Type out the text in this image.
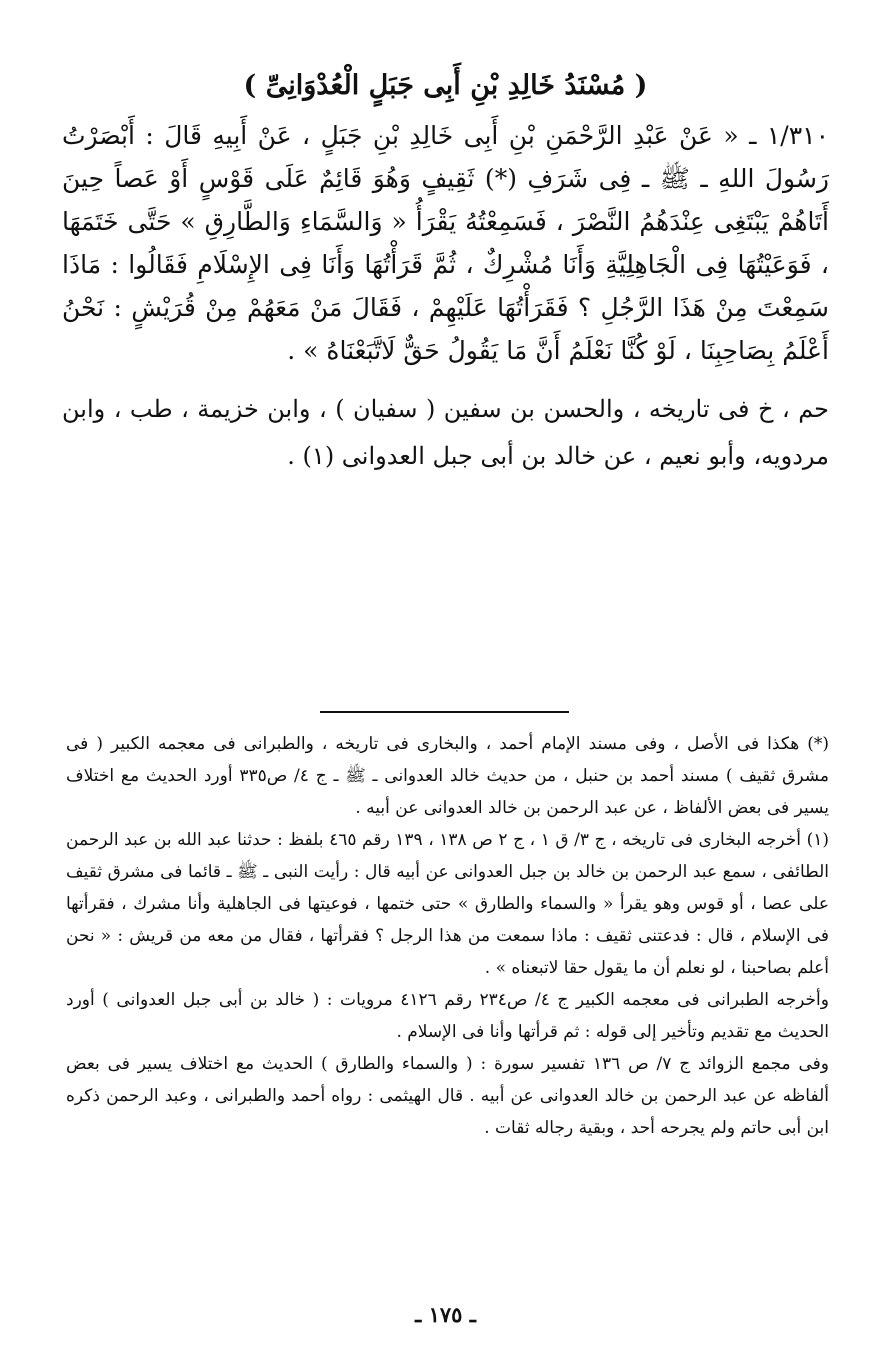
( مُسْنَدُ خَالِدِ بْنِ أَبِى جَبَلٍ الْعُدْوَانِىِّ )

١/٣١٠ ـ « عَنْ عَبْدِ الرَّحْمَنِ بْنِ أَبِى خَالِدِ بْنِ جَبَلٍ ، عَنْ أَبِيهِ قَالَ : أَبْصَرْتُ رَسُولَ اللهِ ـ ﷺ ـ فِى شَرَفِ (*) ثَقِيفٍ وَهُوَ قَائِمٌ عَلَى قَوْسٍ أَوْ عَصاً حِينَ أَتَاهُمْ يَبْتَغِى عِنْدَهُمُ النَّصْرَ ، فَسَمِعْتُهُ يَقْرَأُ « وَالسَّمَاءِ وَالطَّارِقِ » حَتَّى خَتَمَهَا ، فَوَعَيْتُهَا فِى الْجَاهِلِيَّةِ وَأَنَا مُشْرِكٌ ، ثُمَّ قَرَأْتُهَا وَأَنَا فِى الإِسْلَامِ فَقَالُوا : مَاذَا سَمِعْتَ مِنْ هَذَا الرَّجُلِ ؟ فَقَرَأْتُهَا عَلَيْهِمْ ، فَقَالَ مَنْ مَعَهُمْ مِنْ قُرَيْشٍ : نَحْنُ أَعْلَمُ بِصَاحِبِنَا ، لَوْ كُنَّا نَعْلَمُ أَنَّ مَا يَقُولُ حَقٌّ لَاتَّبَعْنَاهُ » .

حم ، خ فى تاريخه ، والحسن بن سفين ( سفيان ) ، وابن خزيمة ، طب ، وابن مردويه، وأبو نعيم ، عن خالد بن أبى جبل العدوانى (١) .

(*) هكذا فى الأصل ، وفى مسند الإمام أحمد ، والبخارى فى تاريخه ، والطبرانى فى معجمه الكبير ( فى مشرق ثقيف ) مسند أحمد بن حنبل ، من حديث خالد العدوانى ـ ﷺ ـ ج ٤/ ص٣٣٥ أورد الحديث مع اختلاف يسير فى بعض الألفاظ ، عن عبد الرحمن بن خالد العدوانى عن أبيه .

(١) أخرجه البخارى فى تاريخه ، ج ٣/ ق ١ ، ج ٢ ص ١٣٨ ، ١٣٩ رقم ٤٦٥ بلفظ : حدثنا عبد الله بن عبد الرحمن الطائفى ، سمع عبد الرحمن بن خالد بن جبل العدوانى عن أبيه قال : رأيت النبى ـ ﷺ ـ قائما فى مشرق ثقيف على عصا ، أو قوس وهو يقرأ « والسماء والطارق » حتى ختمها ، فوعيتها فى الجاهلية وأنا مشرك ، فقرأتها فى الإسلام ، قال : فدعتنى ثقيف : ماذا سمعت من هذا الرجل ؟ فقرأتها ، فقال من معه من قريش : « نحن أعلم بصاحبنا ، لو نعلم أن ما يقول حقا لاتبعناه » .

وأخرجه الطبرانى فى معجمه الكبير ج ٤/ ص٢٣٤ رقم ٤١٢٦ مرويات : ( خالد بن أبى جبل العدوانى ) أورد الحديث مع تقديم وتأخير إلى قوله : ثم قرأتها وأنا فى الإسلام .

وفى مجمع الزوائد ج ٧/ ص ١٣٦ تفسير سورة : ( والسماء والطارق ) الحديث مع اختلاف يسير فى بعض ألفاظه عن عبد الرحمن بن خالد العدوانى عن أبيه . قال الهيثمى : رواه أحمد والطبرانى ، وعبد الرحمن ذكره ابن أبى حاتم ولم يجرحه أحد ، وبقية رجاله ثقات .

ـ ١٧٥ ـ
